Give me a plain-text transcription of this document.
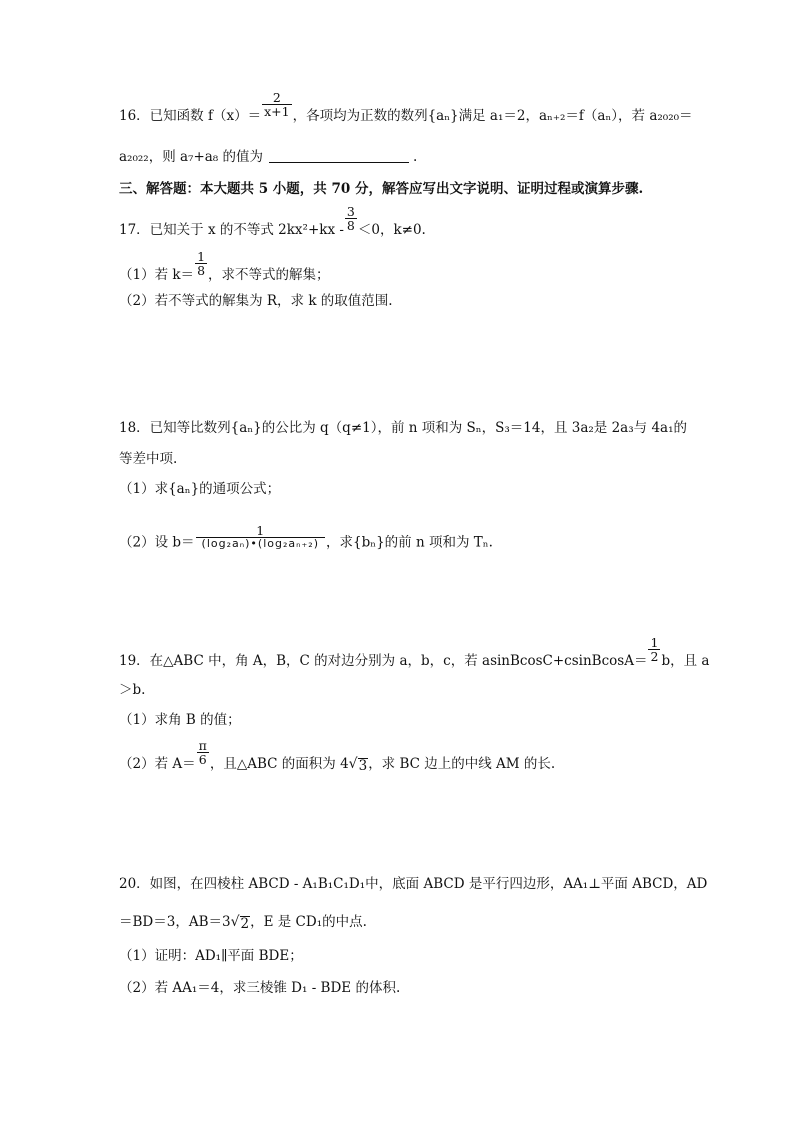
16．已知函数 $f(x)= \frac{2}{x+1}$ ，各项均为正数的数列{aₙ}满足 a₁＝2，aₙ₊₂＝f（aₙ），若 a₂₀₂₀＝
a₂₀₂₂，则 a₇+a₈ 的值为	.
三、解答题：本大题共 5 小题，共 70 分，解答应写出文字说明、证明过程或演算步骤.
17．已知关于 x 的不等式 $2kx^2+kx - \frac{3}{8} <0$，k≠0.
（1）若 $k= \frac{1}{8}$ ，求不等式的解集；
（2）若不等式的解集为 R，求 k 的取值范围.
18．已知等比数列{aₙ}的公比为 q（q≠1），前 n 项和为 Sₙ，S₃＝14，且 3a₂是 2a₃与 4a₁的
等差中项.
（1）求{aₙ}的通项公式；
（2）设 $b= \frac{1}{\text{(log₂aₙ)•(log₂aₙ₊₂)}}$ ，求{bₙ}的前 n 项和为 Tₙ.
19．在△ABC 中，角 A，B，C 的对边分别为 a，b，c，若 asinBcosC+csinBcosA＝ $\frac{1}{2}$ b，且 a
＞b.
（1）求角 B 的值；
（2）若 $A= \frac{\pi}{6}$ ，且△ABC 的面积为 4 √ 3 ，求 BC 边上的中线 AM 的长.
20．如图，在四棱柱 ABCD - A₁B₁C₁D₁中，底面 ABCD 是平行四边形，AA₁⊥平面 ABCD，AD
＝BD＝3，AB＝3 √ 2 ，E 是 CD₁的中点.
（1）证明：AD₁∥平面 BDE；
（2）若 AA₁＝4，求三棱锥 D₁ - BDE 的体积.
